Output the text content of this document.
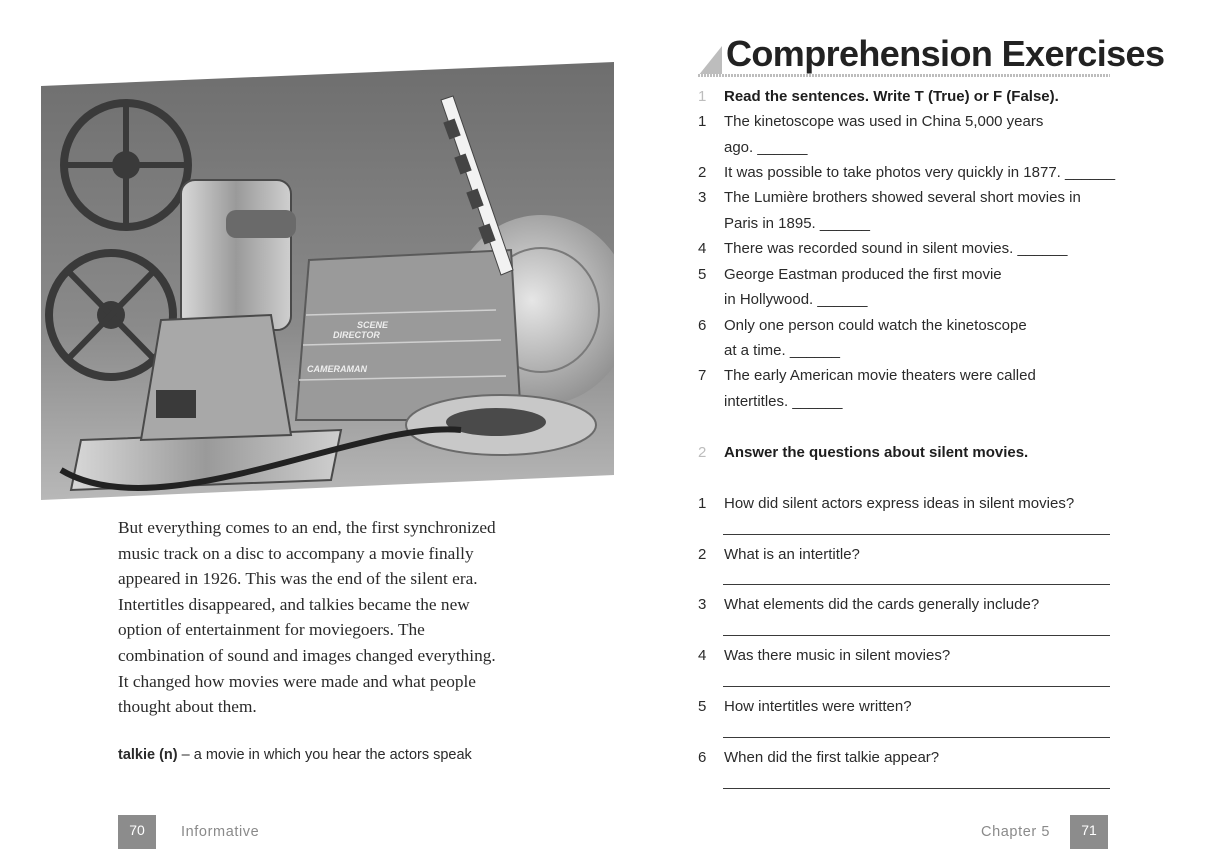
DIRECTOR
SCENE
CAMERAMAN

But everything comes to an end, the first synchronized

music track on a disc to accompany a movie finally

appeared in 1926. This was the end of the silent era.

Intertitles disappeared, and talkies became the new

option of entertainment for moviegoers. The

combination of sound and images changed everything.

It changed how movies were made and what people

thought about them.

talkie (n) – a movie in which you hear the actors speak
70	Informative
Comprehension Exercises
1 Read the sentences. Write T (True) or F (False).
1 The kinetoscope was used in China 5,000 years
ago. ______
2 It was possible to take photos very quickly in 1877. ______
3 The Lumière brothers showed several short movies in
Paris in 1895. ______
4 There was recorded sound in silent movies. ______
5 George Eastman produced the first movie
in Hollywood. ______
6 Only one person could watch the kinetoscope
at a time. ______
7 The early American movie theaters were called
intertitles. ______
2 Answer the questions about silent movies.
1 How did silent actors express ideas in silent movies?
2 What is an intertitle?
3 What elements did the cards generally include?
4 Was there music in silent movies?
5 How intertitles were written?
6 When did the first talkie appear?
Chapter 5	71
